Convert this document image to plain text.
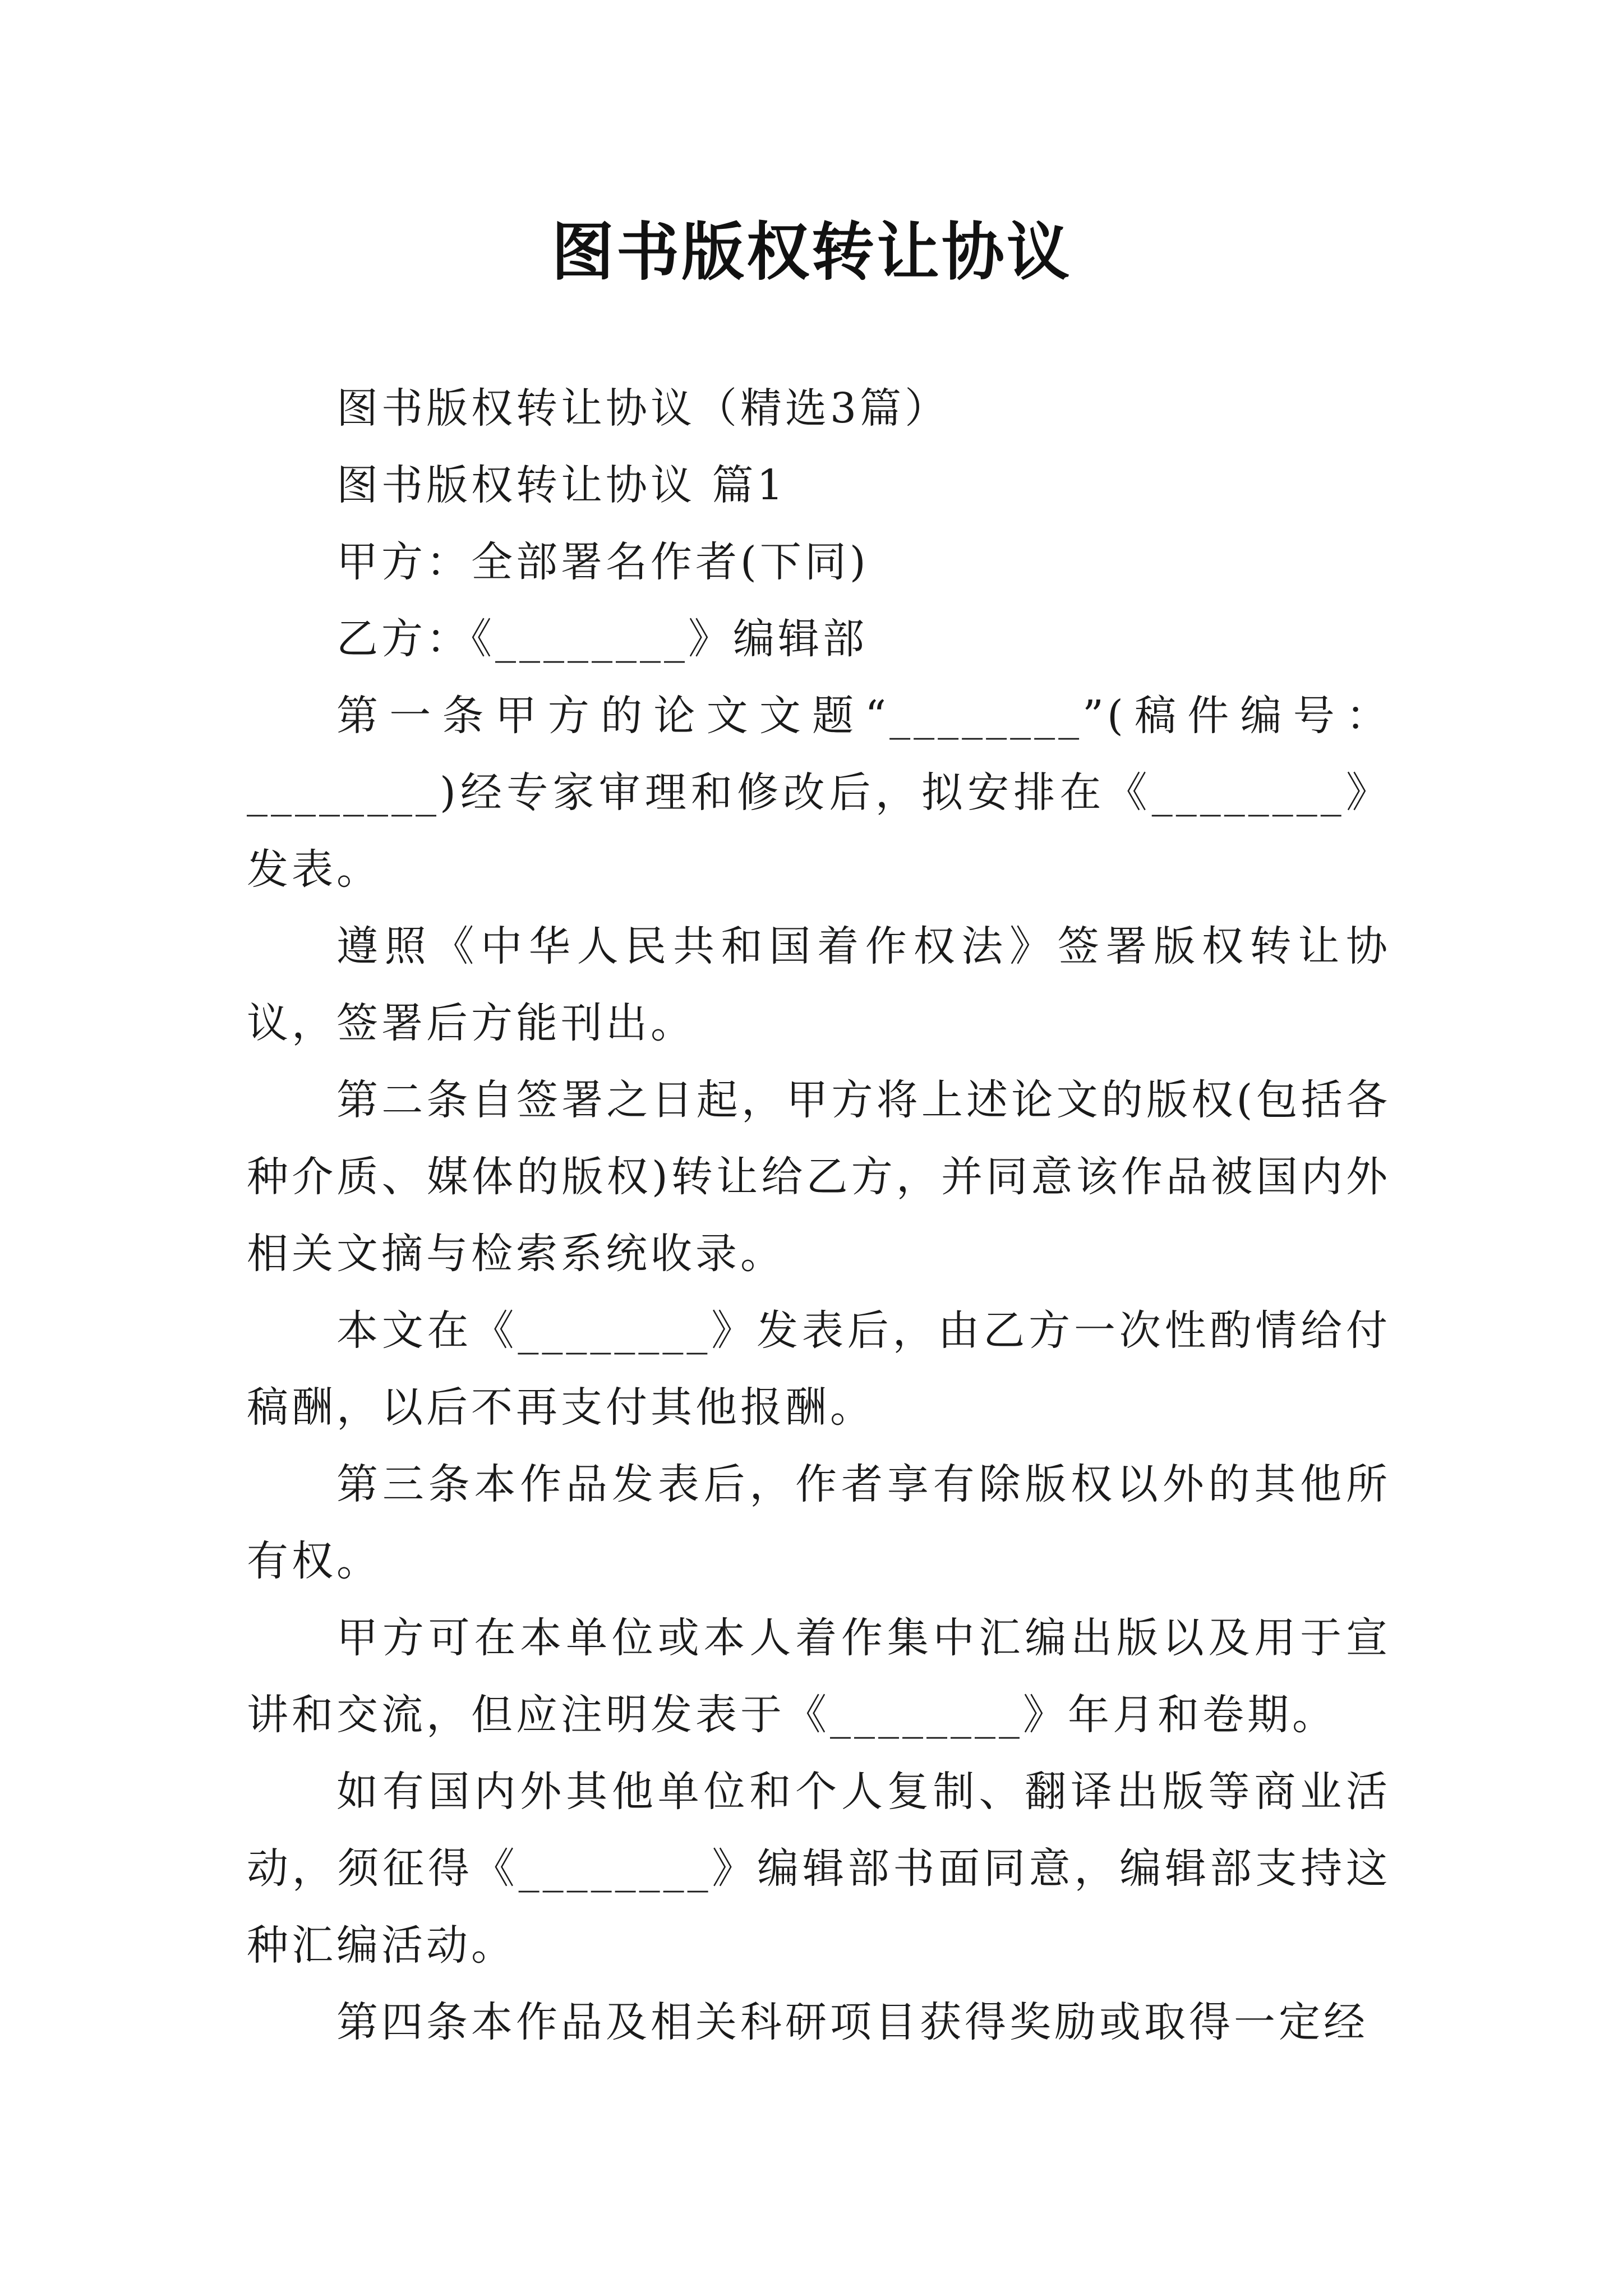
图书版权转让协议

图书版权转让协议（精选3篇）

图书版权转让协议 篇1

甲方：全部署名作者(下同)

乙方：《________》编辑部

第一条甲方的论文文题“________”(稿件编号：________)经专家审理和修改后，拟安排在《________》发表。

遵照《中华人民共和国着作权法》签署版权转让协议，签署后方能刊出。

第二条自签署之日起，甲方将上述论文的版权(包括各种介质、媒体的版权)转让给乙方，并同意该作品被国内外相关文摘与检索系统收录。

本文在《________》发表后，由乙方一次性酌情给付稿酬，以后不再支付其他报酬。

第三条本作品发表后，作者享有除版权以外的其他所有权。

甲方可在本单位或本人着作集中汇编出版以及用于宣讲和交流，但应注明发表于《________》年月和卷期。

如有国内外其他单位和个人复制、翻译出版等商业活动，须征得《________》编辑部书面同意，编辑部支持这种汇编活动。

第四条本作品及相关科研项目获得奖励或取得一定经
